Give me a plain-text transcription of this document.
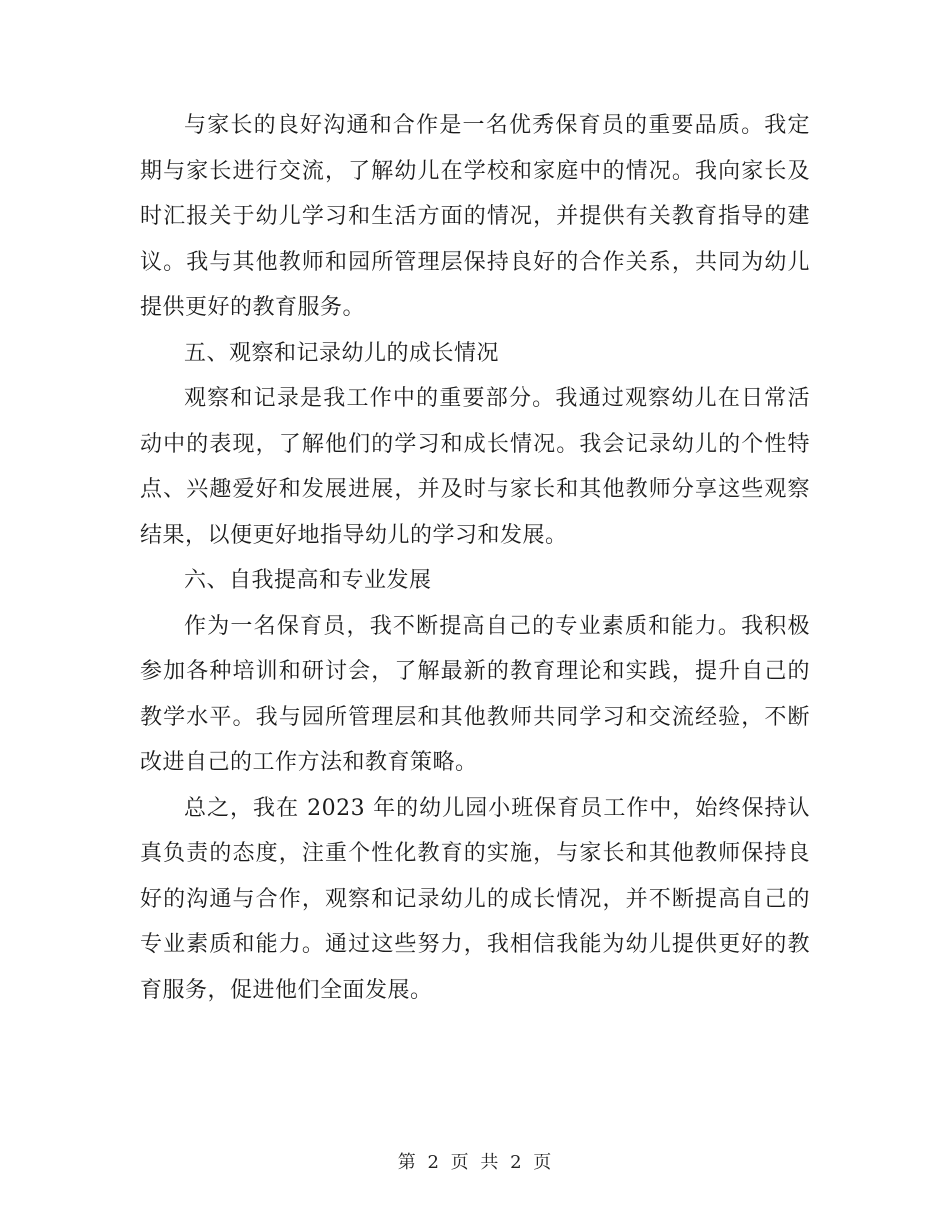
与家长的良好沟通和合作是一名优秀保育员的重要品质。我定期与家长进行交流，了解幼儿在学校和家庭中的情况。我向家长及时汇报关于幼儿学习和生活方面的情况，并提供有关教育指导的建议。我与其他教师和园所管理层保持良好的合作关系，共同为幼儿提供更好的教育服务。

五、观察和记录幼儿的成长情况

观察和记录是我工作中的重要部分。我通过观察幼儿在日常活动中的表现，了解他们的学习和成长情况。我会记录幼儿的个性特点、兴趣爱好和发展进展，并及时与家长和其他教师分享这些观察结果，以便更好地指导幼儿的学习和发展。

六、自我提高和专业发展

作为一名保育员，我不断提高自己的专业素质和能力。我积极参加各种培训和研讨会，了解最新的教育理论和实践，提升自己的教学水平。我与园所管理层和其他教师共同学习和交流经验，不断改进自己的工作方法和教育策略。

总之，我在 2023 年的幼儿园小班保育员工作中，始终保持认真负责的态度，注重个性化教育的实施，与家长和其他教师保持良好的沟通与合作，观察和记录幼儿的成长情况，并不断提高自己的专业素质和能力。通过这些努力，我相信我能为幼儿提供更好的教育服务，促进他们全面发展。

第 2 页 共 2 页
